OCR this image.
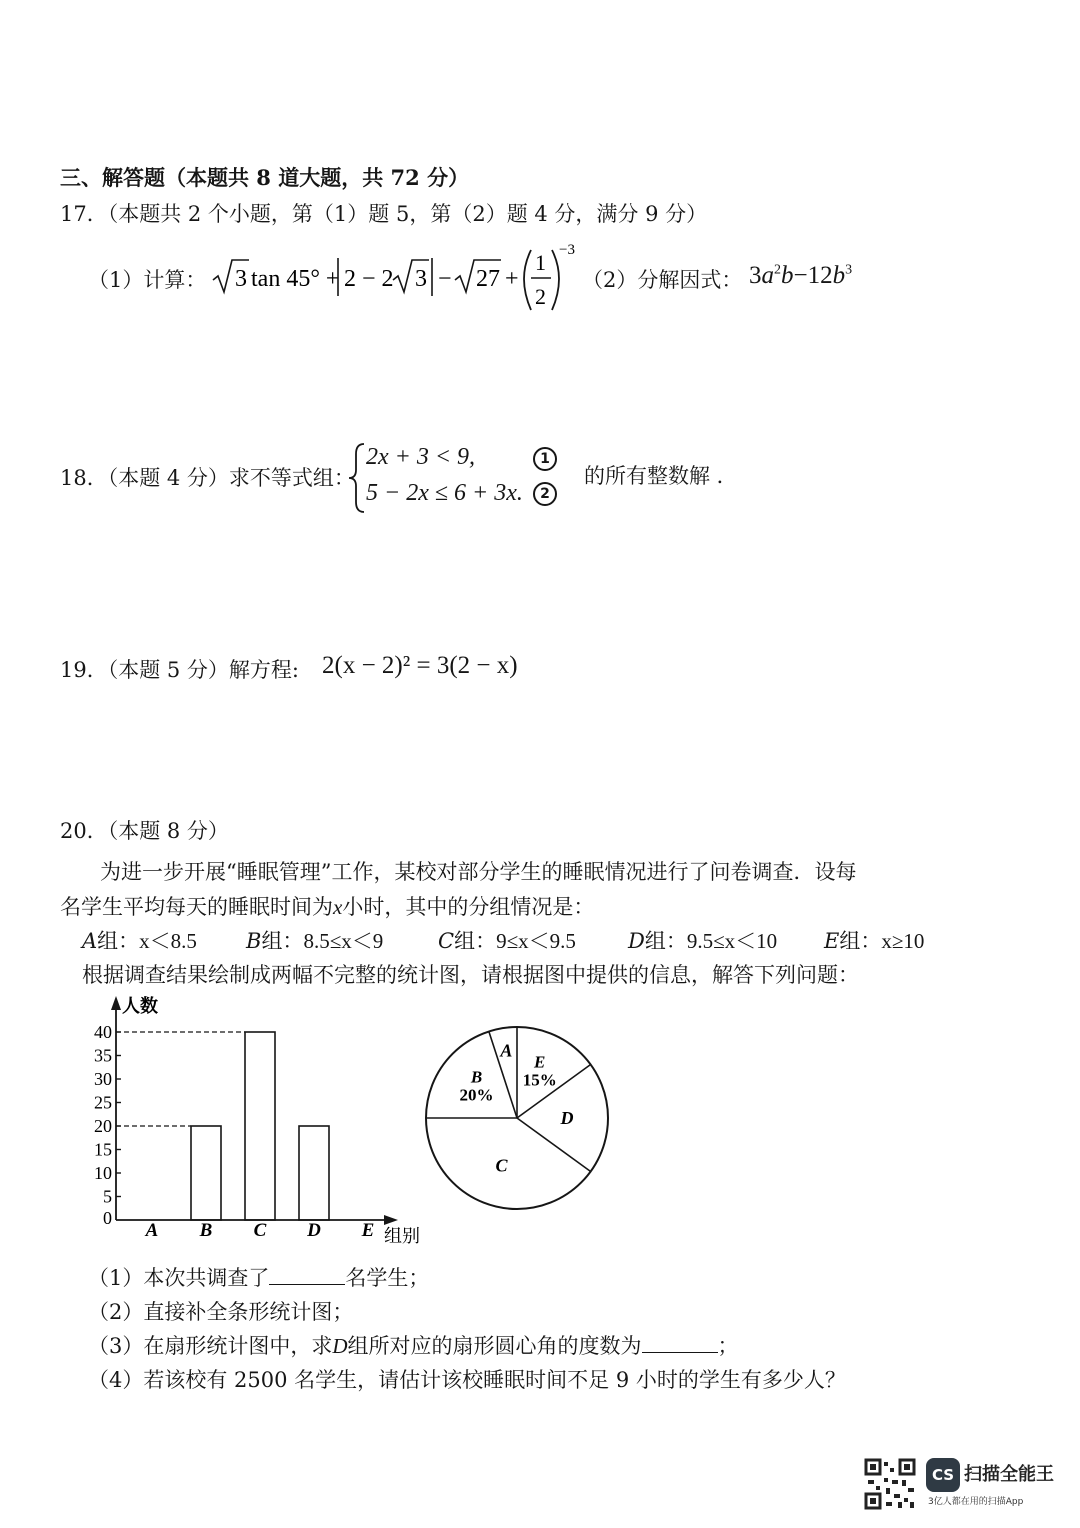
三、解答题（本题共 8 道大题，共 72 分）
17．（本题共 2 个小题，第（1）题 5，第（2）题 4 分，满分 9 分）
（1）计算： 3 tan 45° + 2 − 2 3 − 27 +
1
2
−3
（2）分解因式： $3a^2b-12b^3$
18．（本题 4 分）求不等式组：
2x + 3 < 9,
5 − 2x ≤ 6 + 3x.
1
2
的所有整数解 ．
19．（本题 5 分）解方程: 2(x − 2)² = 3(2 − x)
20．（本题 8 分）
为进一步开展“睡眠管理”工作，某校对部分学生的睡眠情况进行了问卷调查．设每
名学生平均每天的睡眠时间为x小时，其中的分组情况是：
A组：x＜8.5 B组：8.5≤x＜9	C组：9≤x＜9.5 D组：9.5≤x＜10 E组：x≥10
根据调查结果绘制成两幅不完整的统计图，请根据图中提供的信息，解答下列问题：
0
5
10
15
20
25
30
35
40
人数
组别
A B C D E
E
15%
D
C
B
20%
A
（1）本次共调查了	名学生；
（2）直接补全条形统计图；
（3）在扇形统计图中，求D组所对应的扇形圆心角的度数为	；
（4）若该校有 2500 名学生，请估计该校睡眠时间不足 9 小时的学生有多少人？
CS 扫描全能王
3亿人都在用的扫描App
